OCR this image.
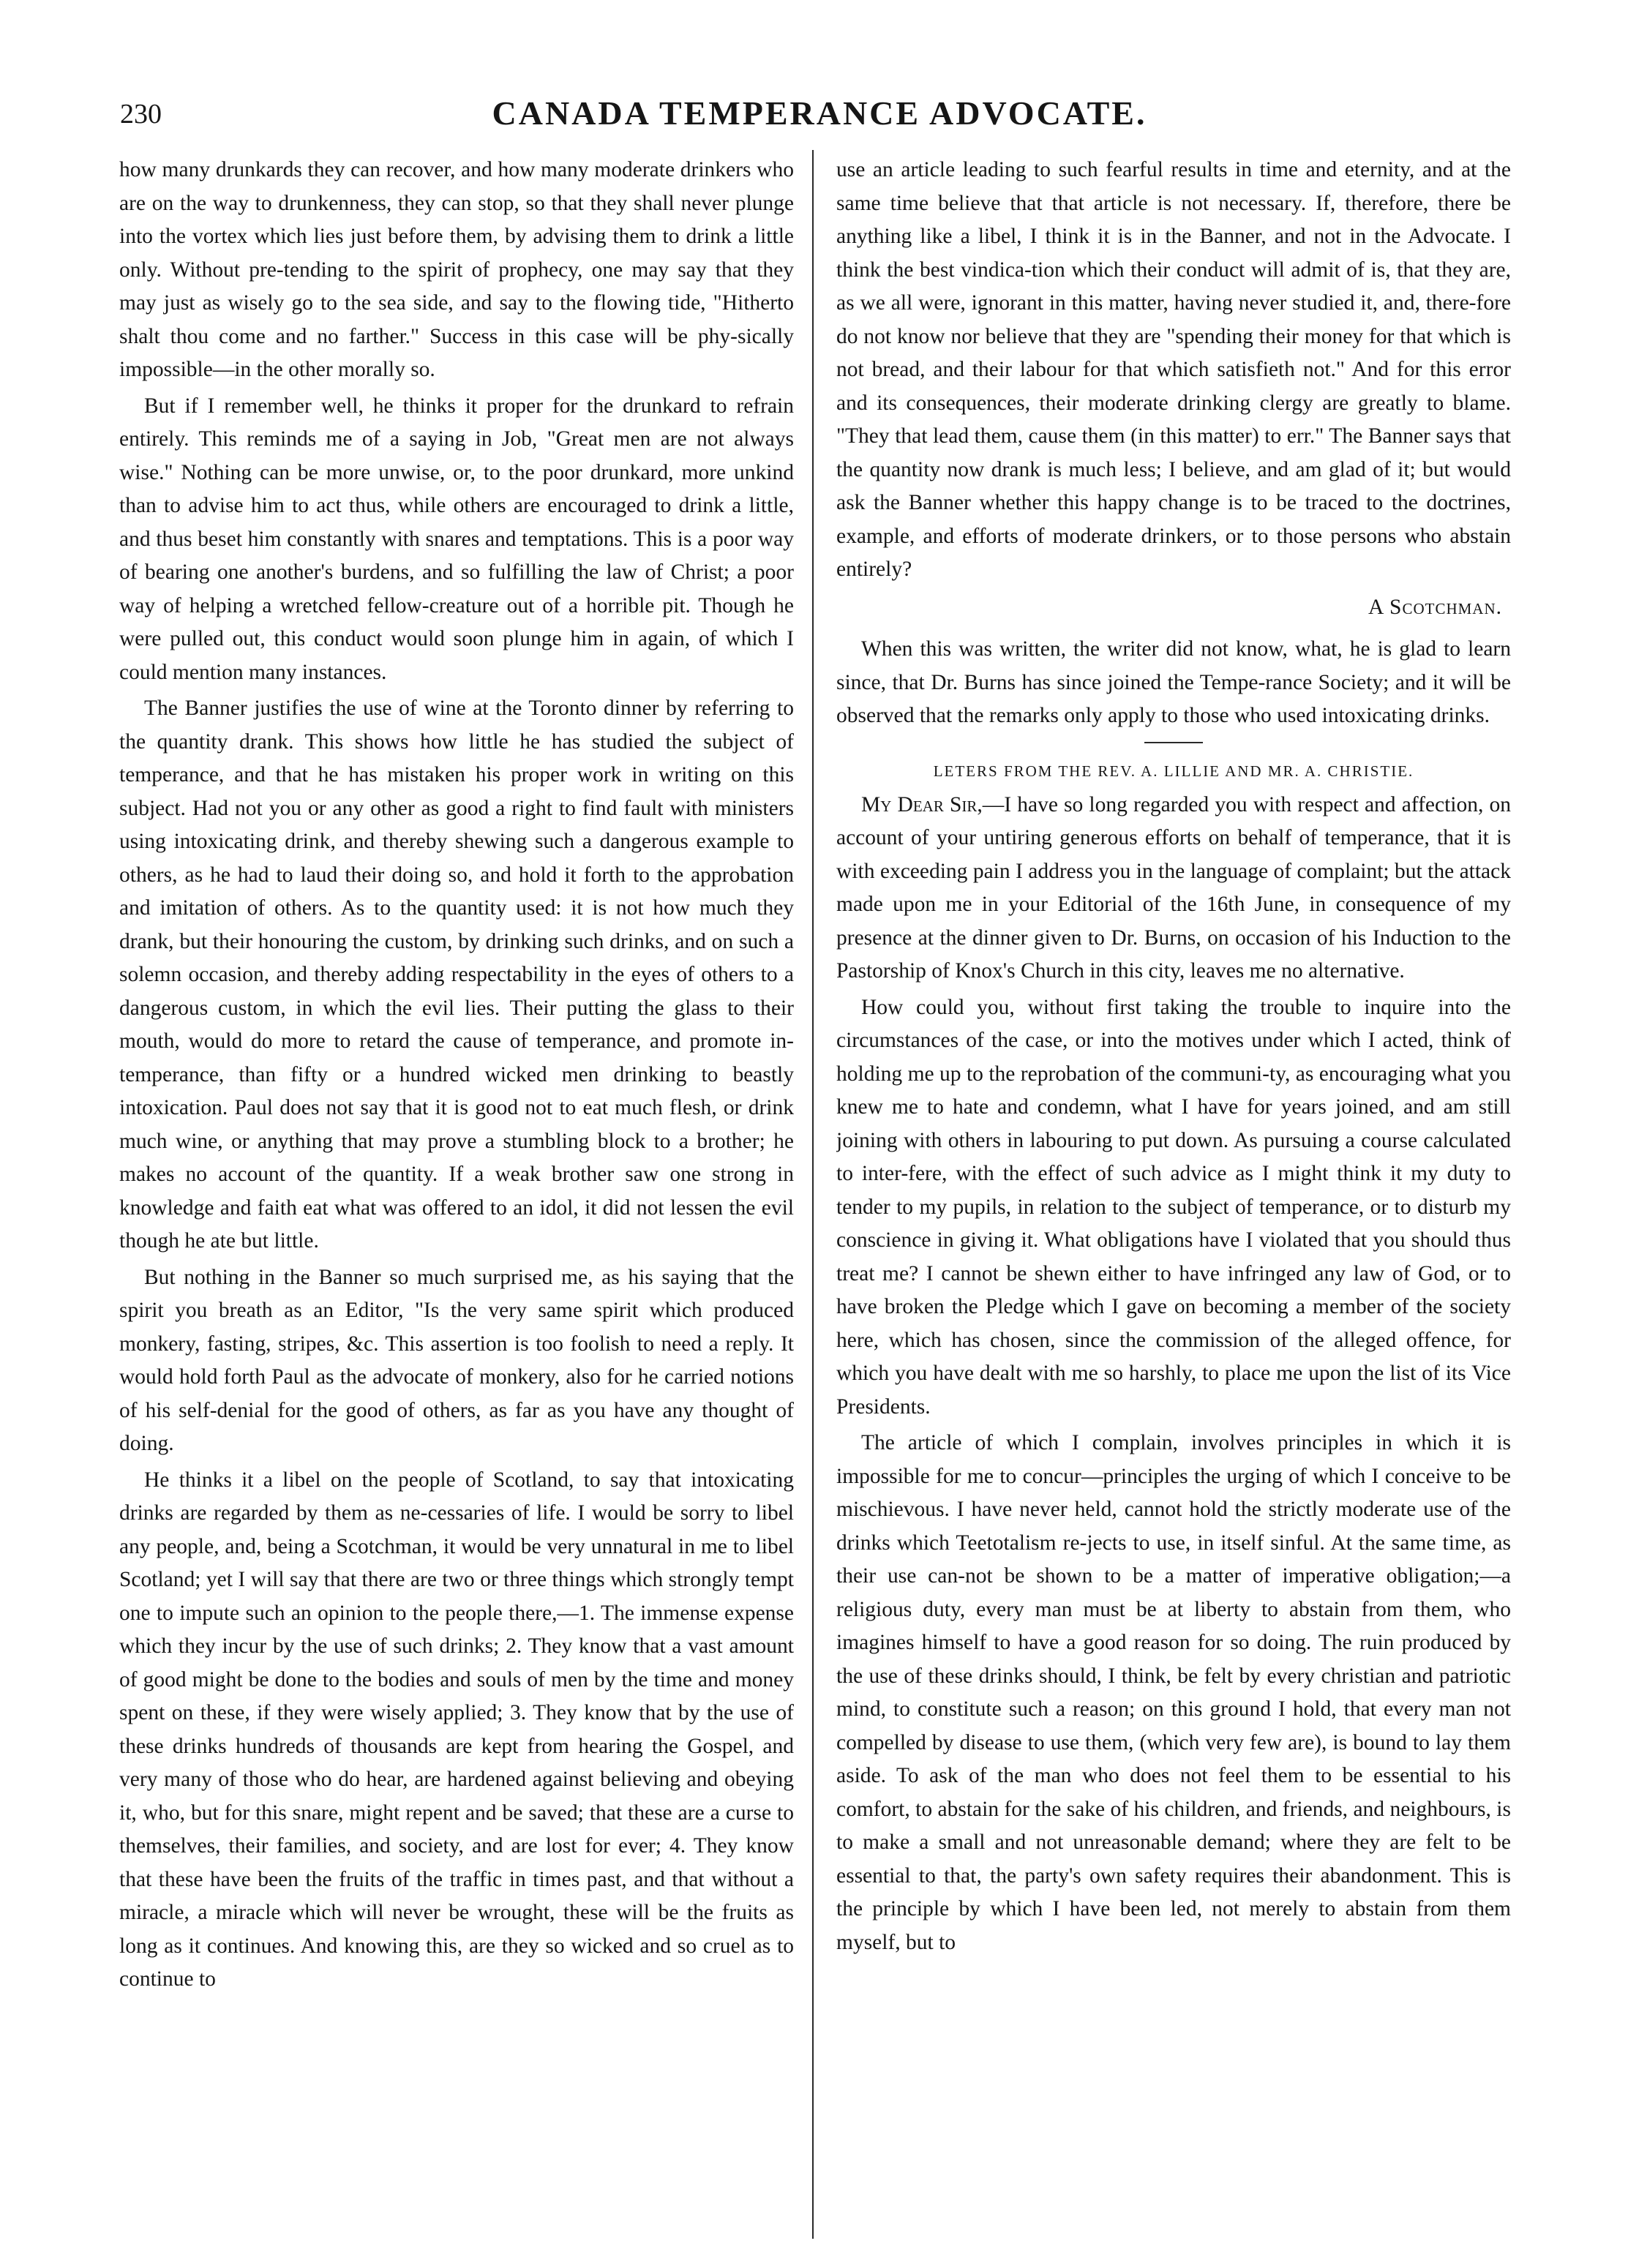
230	CANADA TEMPERANCE ADVOCATE.

how many drunkards they can recover, and how many moderate drinkers who are on the way to drunkenness, they can stop, so that they shall never plunge into the vortex which lies just before them, by advising them to drink a little only. Without pre-tending to the spirit of prophecy, one may say that they may just as wisely go to the sea side, and say to the flowing tide, "Hitherto shalt thou come and no farther." Success in this case will be phy-sically impossible—in the other morally so.

But if I remember well, he thinks it proper for the drunkard to refrain entirely. This reminds me of a saying in Job, "Great men are not always wise." Nothing can be more unwise, or, to the poor drunkard, more unkind than to advise him to act thus, while others are encouraged to drink a little, and thus beset him constantly with snares and temptations. This is a poor way of bearing one another's burdens, and so fulfilling the law of Christ; a poor way of helping a wretched fellow-creature out of a horrible pit. Though he were pulled out, this conduct would soon plunge him in again, of which I could mention many instances.

The Banner justifies the use of wine at the Toronto dinner by referring to the quantity drank. This shows how little he has studied the subject of temperance, and that he has mistaken his proper work in writing on this subject. Had not you or any other as good a right to find fault with ministers using intoxicating drink, and thereby shewing such a dangerous example to others, as he had to laud their doing so, and hold it forth to the approbation and imitation of others. As to the quantity used: it is not how much they drank, but their honouring the custom, by drinking such drinks, and on such a solemn occasion, and thereby adding respectability in the eyes of others to a dangerous custom, in which the evil lies. Their putting the glass to their mouth, would do more to retard the cause of temperance, and promote in-temperance, than fifty or a hundred wicked men drinking to beastly intoxication. Paul does not say that it is good not to eat much flesh, or drink much wine, or anything that may prove a stumbling block to a brother; he makes no account of the quantity. If a weak brother saw one strong in knowledge and faith eat what was offered to an idol, it did not lessen the evil though he ate but little.

But nothing in the Banner so much surprised me, as his saying that the spirit you breath as an Editor, "Is the very same spirit which produced monkery, fasting, stripes, &c. This assertion is too foolish to need a reply. It would hold forth Paul as the advocate of monkery, also for he carried notions of his self-denial for the good of others, as far as you have any thought of doing.

He thinks it a libel on the people of Scotland, to say that intoxicating drinks are regarded by them as ne-cessaries of life. I would be sorry to libel any people, and, being a Scotchman, it would be very unnatural in me to libel Scotland; yet I will say that there are two or three things which strongly tempt one to impute such an opinion to the people there,—1. The immense expense which they incur by the use of such drinks; 2. They know that a vast amount of good might be done to the bodies and souls of men by the time and money spent on these, if they were wisely applied; 3. They know that by the use of these drinks hundreds of thousands are kept from hearing the Gospel, and very many of those who do hear, are hardened against believing and obeying it, who, but for this snare, might repent and be saved; that these are a curse to themselves, their families, and society, and are lost for ever; 4. They know that these have been the fruits of the traffic in times past, and that without a miracle, a miracle which will never be wrought, these will be the fruits as long as it continues. And knowing this, are they so wicked and so cruel as to continue to

use an article leading to such fearful results in time and eternity, and at the same time believe that that article is not necessary. If, therefore, there be anything like a libel, I think it is in the Banner, and not in the Advocate. I think the best vindica-tion which their conduct will admit of is, that they are, as we all were, ignorant in this matter, having never studied it, and, there-fore do not know nor believe that they are "spending their money for that which is not bread, and their labour for that which satisfieth not." And for this error and its consequences, their moderate drinking clergy are greatly to blame. "They that lead them, cause them (in this matter) to err." The Banner says that the quantity now drank is much less; I believe, and am glad of it; but would ask the Banner whether this happy change is to be traced to the doctrines, example, and efforts of moderate drinkers, or to those persons who abstain entirely?

A Scotchman.

When this was written, the writer did not know, what, he is glad to learn since, that Dr. Burns has since joined the Tempe-rance Society; and it will be observed that the remarks only apply to those who used intoxicating drinks.

LETERS FROM THE REV. A. LILLIE AND MR. A. CHRISTIE.

My Dear Sir,—I have so long regarded you with respect and affection, on account of your untiring generous efforts on behalf of temperance, that it is with exceeding pain I address you in the language of complaint; but the attack made upon me in your Editorial of the 16th June, in consequence of my presence at the dinner given to Dr. Burns, on occasion of his Induction to the Pastorship of Knox's Church in this city, leaves me no alternative.

How could you, without first taking the trouble to inquire into the circumstances of the case, or into the motives under which I acted, think of holding me up to the reprobation of the communi-ty, as encouraging what you knew me to hate and condemn, what I have for years joined, and am still joining with others in labouring to put down. As pursuing a course calculated to inter-fere, with the effect of such advice as I might think it my duty to tender to my pupils, in relation to the subject of temperance, or to disturb my conscience in giving it. What obligations have I violated that you should thus treat me? I cannot be shewn either to have infringed any law of God, or to have broken the Pledge which I gave on becoming a member of the society here, which has chosen, since the commission of the alleged offence, for which you have dealt with me so harshly, to place me upon the list of its Vice Presidents.

The article of which I complain, involves principles in which it is impossible for me to concur—principles the urging of which I conceive to be mischievous. I have never held, cannot hold the strictly moderate use of the drinks which Teetotalism re-jects to use, in itself sinful. At the same time, as their use can-not be shown to be a matter of imperative obligation;—a religious duty, every man must be at liberty to abstain from them, who imagines himself to have a good reason for so doing. The ruin produced by the use of these drinks should, I think, be felt by every christian and patriotic mind, to constitute such a reason; on this ground I hold, that every man not compelled by disease to use them, (which very few are), is bound to lay them aside. To ask of the man who does not feel them to be essential to his comfort, to abstain for the sake of his children, and friends, and neighbours, is to make a small and not unreasonable demand; where they are felt to be essential to that, the party's own safety requires their abandonment. This is the principle by which I have been led, not merely to abstain from them myself, but to
